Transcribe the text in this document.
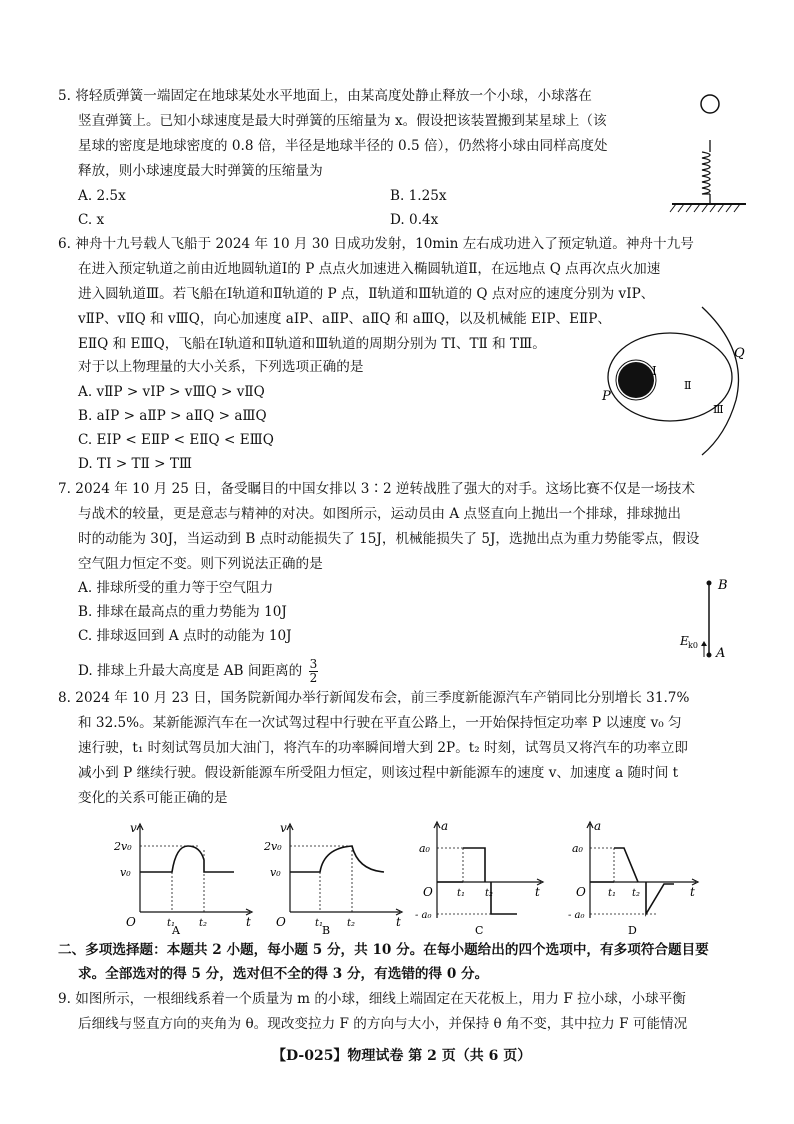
5. 将轻质弹簧一端固定在地球某处水平地面上，由某高度处静止释放一个小球，小球落在
竖直弹簧上。已知小球速度是最大时弹簧的压缩量为 x。假设把该装置搬到某星球上（该
星球的密度是地球密度的 0.8 倍，半径是地球半径的 0.5 倍），仍然将小球由同样高度处
释放，则小球速度最大时弹簧的压缩量为
A. 2.5x	B. 1.25x
C. x	D. 0.4x
6. 神舟十九号载人飞船于 2024 年 10 月 30 日成功发射，10min 左右成功进入了预定轨道。神舟十九号
在进入预定轨道之前由近地圆轨道Ⅰ的 P 点点火加速进入椭圆轨道Ⅱ，在远地点 Q 点再次点火加速
进入圆轨道Ⅲ。若飞船在Ⅰ轨道和Ⅱ轨道的 P 点，Ⅱ轨道和Ⅲ轨道的 Q 点对应的速度分别为 vⅠP、
vⅡP、vⅡQ 和 vⅢQ，向心加速度 aⅠP、aⅡP、aⅡQ 和 aⅢQ，以及机械能 EⅠP、EⅡP、
EⅡQ 和 EⅢQ，飞船在Ⅰ轨道和Ⅱ轨道和Ⅲ轨道的周期分别为 TⅠ、TⅡ 和 TⅢ。
对于以上物理量的大小关系，下列选项正确的是
A. vⅡP > vⅠP > vⅢQ > vⅡQ
B. aⅠP > aⅡP > aⅡQ > aⅢQ
C. EⅠP < EⅡP < EⅡQ < EⅢQ
D. TⅠ > TⅡ > TⅢ
Ⅰ
Ⅱ
Ⅲ
P
Q
7. 2024 年 10 月 25 日，备受瞩目的中国女排以 3∶2 逆转战胜了强大的对手。这场比赛不仅是一场技术
与战术的较量，更是意志与精神的对决。如图所示，运动员由 A 点竖直向上抛出一个排球，排球抛出
时的动能为 30J，当运动到 B 点时动能损失了 15J，机械能损失了 5J，选抛出点为重力势能零点，假设
空气阻力恒定不变。则下列说法正确的是
A. 排球所受的重力等于空气阻力
B. 排球在最高点的重力势能为 10J
C. 排球返回到 A 点时的动能为 10J
D. 排球上升最大高度是 AB 间距离的 $\frac{3}{2}$
B
A
E k0
8. 2024 年 10 月 23 日，国务院新闻办举行新闻发布会，前三季度新能源汽车产销同比分别增长 31.7%
和 32.5%。某新能源汽车在一次试驾过程中行驶在平直公路上，一开始保持恒定功率 P 以速度 v₀ 匀
速行驶，t₁ 时刻试驾员加大油门，将汽车的功率瞬间增大到 2P。t₂ 时刻，试驾员又将汽车的功率立即
减小到 P 继续行驶。假设新能源车所受阻力恒定，则该过程中新能源车的速度 v、加速度 a 随时间 t
变化的关系可能正确的是
v
t
O
v₀
2v₀
t₁ t₂
A
v
t
O
v₀
2v₀
t₁ t₂
B
a
t
O
a₀
- a₀
t₁ t₂
C
a
t
O
a₀
- a₀
t₁ t₂
D
二、多项选择题：本题共 2 小题，每小题 5 分，共 10 分。在每小题给出的四个选项中，有多项符合题目要
求。全部选对的得 5 分，选对但不全的得 3 分，有选错的得 0 分。
9. 如图所示，一根细线系着一个质量为 m 的小球，细线上端固定在天花板上，用力 F 拉小球，小球平衡
后细线与竖直方向的夹角为 θ。现改变拉力 F 的方向与大小，并保持 θ 角不变，其中拉力 F 可能情况
【D-025】物理试卷 第 2 页（共 6 页）
